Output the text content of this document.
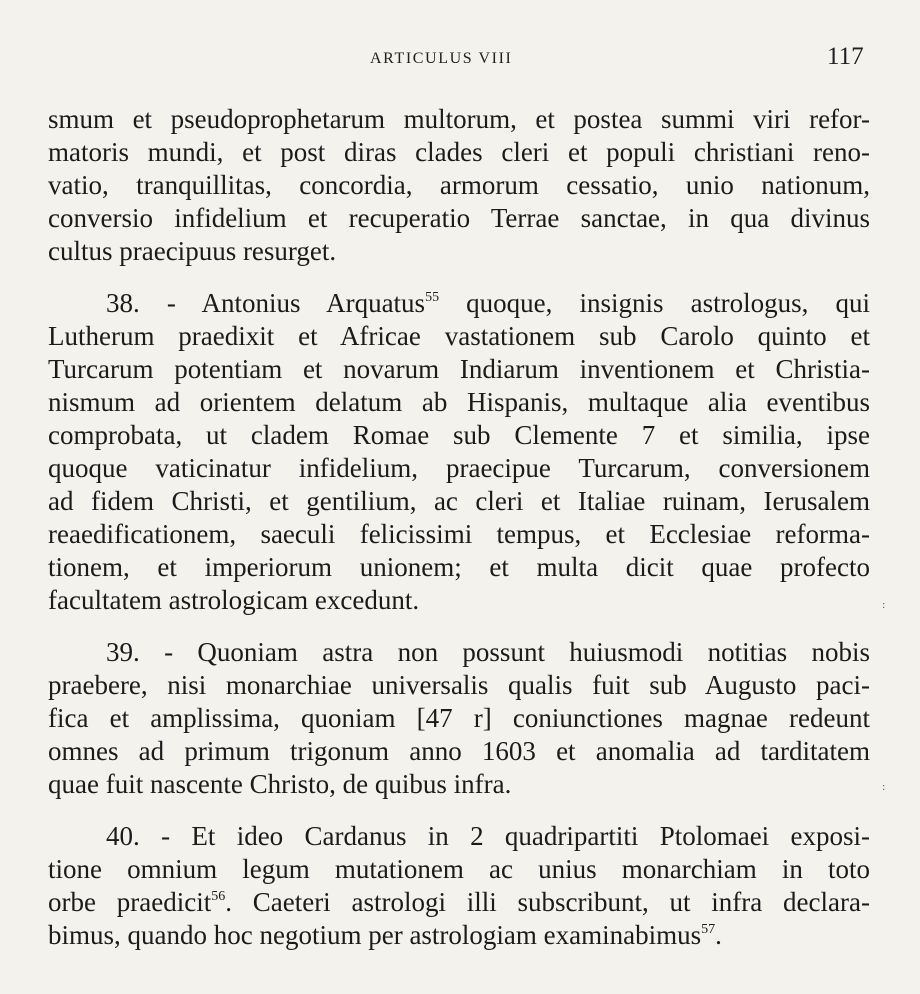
ARTICULUS VIII	117

smum et pseudoprophetarum multorum, et postea summi viri refor-
matoris mundi, et post diras clades cleri et populi christiani reno-
vatio, tranquillitas, concordia, armorum cessatio, unio nationum,
conversio infidelium et recuperatio Terrae sanctae, in qua divinus
cultus praecipuus resurget.

38. - Antonius Arquatus$^{55}$ quoque, insignis astrologus, qui
Lutherum praedixit et Africae vastationem sub Carolo quinto et
Turcarum potentiam et novarum Indiarum inventionem et Christia-
nismum ad orientem delatum ab Hispanis, multaque alia eventibus
comprobata, ut cladem Romae sub Clemente 7 et similia, ipse
quoque vaticinatur infidelium, praecipue Turcarum, conversionem
ad fidem Christi, et gentilium, ac cleri et Italiae ruinam, Ierusalem
reaedificationem, saeculi felicissimi tempus, et Ecclesiae reforma-
tionem, et imperiorum unionem; et multa dicit quae profecto
facultatem astrologicam excedunt.

39. - Quoniam astra non possunt huiusmodi notitias nobis
praebere, nisi monarchiae universalis qualis fuit sub Augusto paci-
fica et amplissima, quoniam [47 r] coniunctiones magnae redeunt
omnes ad primum trigonum anno 1603 et anomalia ad tarditatem
quae fuit nascente Christo, de quibus infra.

40. - Et ideo Cardanus in 2 quadripartiti Ptolomaei exposi-
tione omnium legum mutationem ac unius monarchiam in toto
orbe praedicit$^{56}$. Caeteri astrologi illi subscribunt, ut infra declara-
bimus, quando hoc negotium per astrologiam examinabimus$^{57}$.

:
:
